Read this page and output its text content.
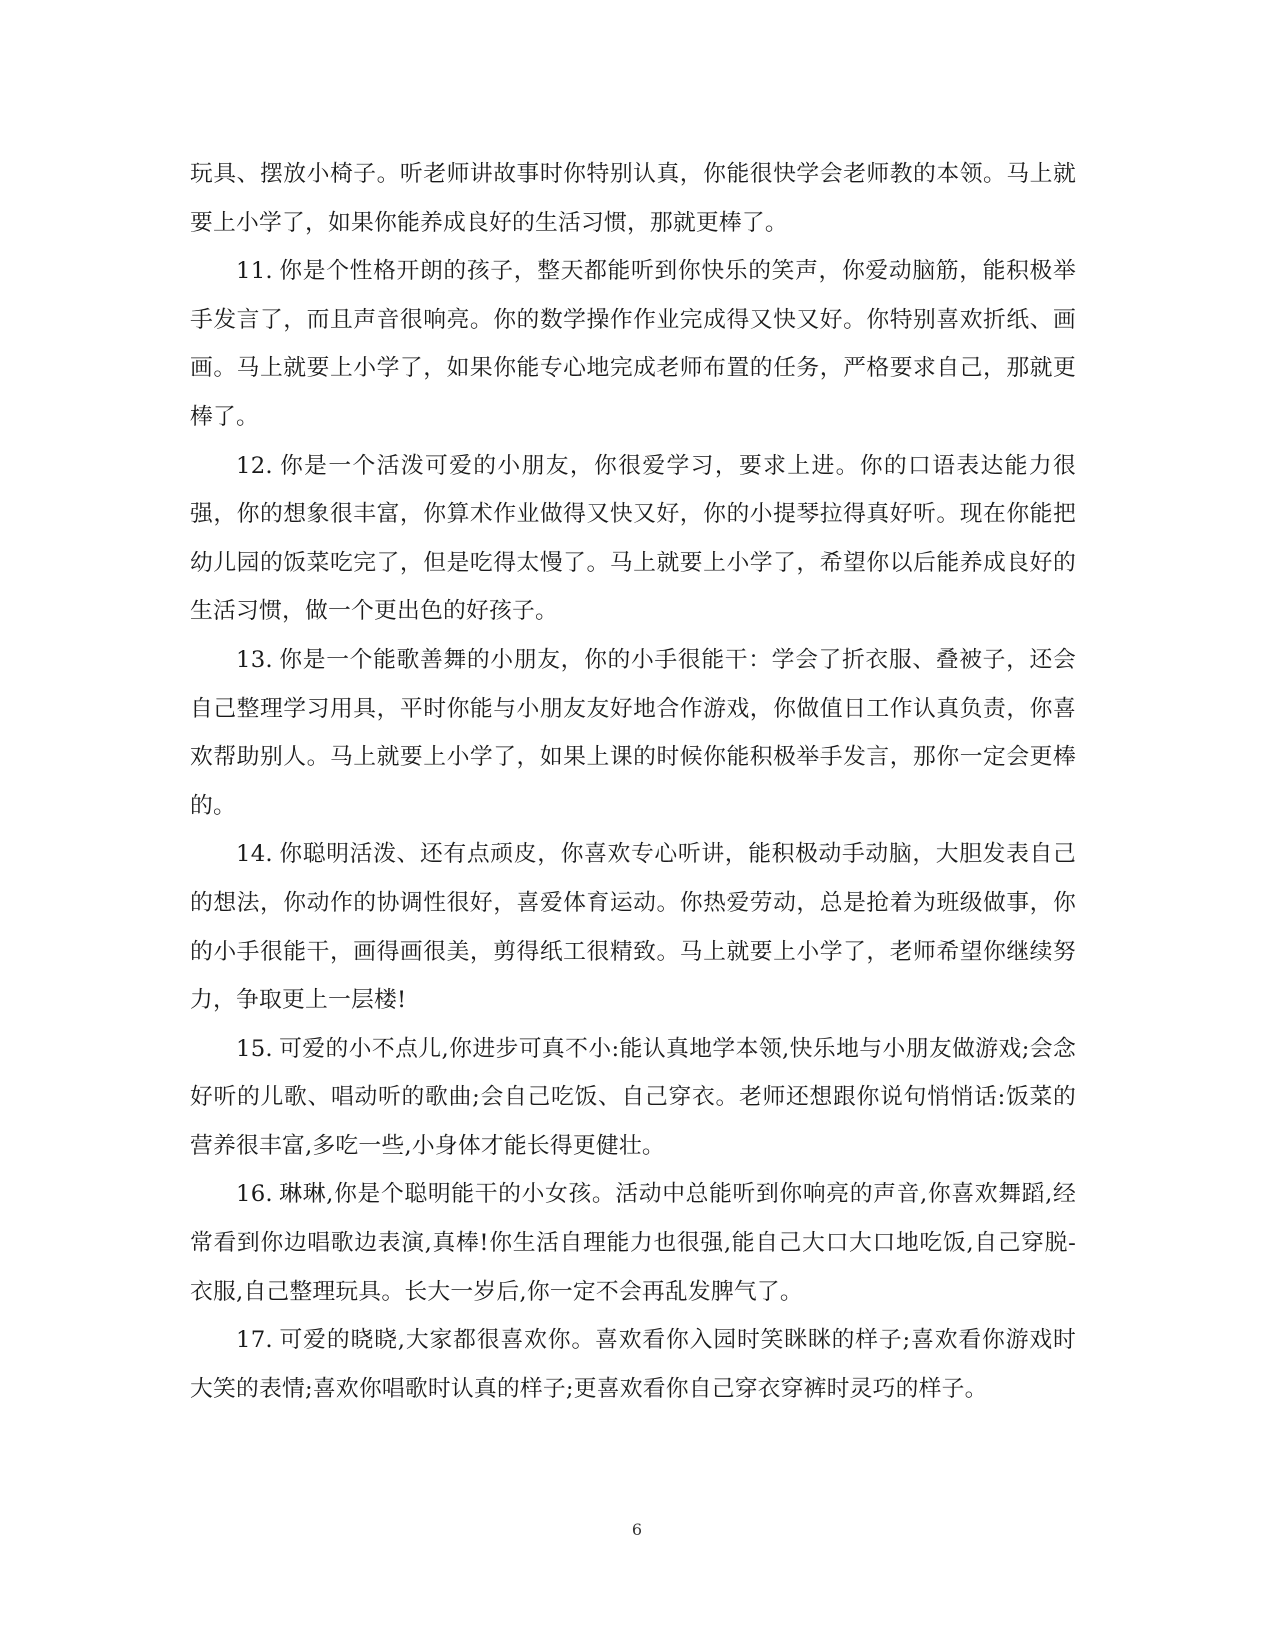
玩具、摆放小椅子。听老师讲故事时你特别认真，你能很快学会老师教的本领。马上就要上小学了，如果你能养成良好的生活习惯，那就更棒了。

11. 你是个性格开朗的孩子，整天都能听到你快乐的笑声，你爱动脑筋，能积极举手发言了，而且声音很响亮。你的数学操作作业完成得又快又好。你特别喜欢折纸、画画。马上就要上小学了，如果你能专心地完成老师布置的任务，严格要求自己，那就更棒了。

12. 你是一个活泼可爱的小朋友，你很爱学习，要求上进。你的口语表达能力很强，你的想象很丰富，你算术作业做得又快又好，你的小提琴拉得真好听。现在你能把幼儿园的饭菜吃完了，但是吃得太慢了。马上就要上小学了，希望你以后能养成良好的生活习惯，做一个更出色的好孩子。

13. 你是一个能歌善舞的小朋友，你的小手很能干：学会了折衣服、叠被子，还会自己整理学习用具，平时你能与小朋友友好地合作游戏，你做值日工作认真负责，你喜欢帮助别人。马上就要上小学了，如果上课的时候你能积极举手发言，那你一定会更棒的。

14. 你聪明活泼、还有点顽皮，你喜欢专心听讲，能积极动手动脑，大胆发表自己的想法，你动作的协调性很好，喜爱体育运动。你热爱劳动，总是抢着为班级做事，你的小手很能干，画得画很美，剪得纸工很精致。马上就要上小学了，老师希望你继续努力，争取更上一层楼!

15. 可爱的小不点儿,你进步可真不小:能认真地学本领,快乐地与小朋友做游戏;会念好听的儿歌、唱动听的歌曲;会自己吃饭、自己穿衣。老师还想跟你说句悄悄话:饭菜的营养很丰富,多吃一些,小身体才能长得更健壮。

16. 琳琳,你是个聪明能干的小女孩。活动中总能听到你响亮的声音,你喜欢舞蹈,经常看到你边唱歌边表演,真棒!你生活自理能力也很强,能自己大口大口地吃饭,自己穿脱-衣服,自己整理玩具。长大一岁后,你一定不会再乱发脾气了。

17. 可爱的晓晓,大家都很喜欢你。喜欢看你入园时笑眯眯的样子;喜欢看你游戏时大笑的表情;喜欢你唱歌时认真的样子;更喜欢看你自己穿衣穿裤时灵巧的样子。

6
